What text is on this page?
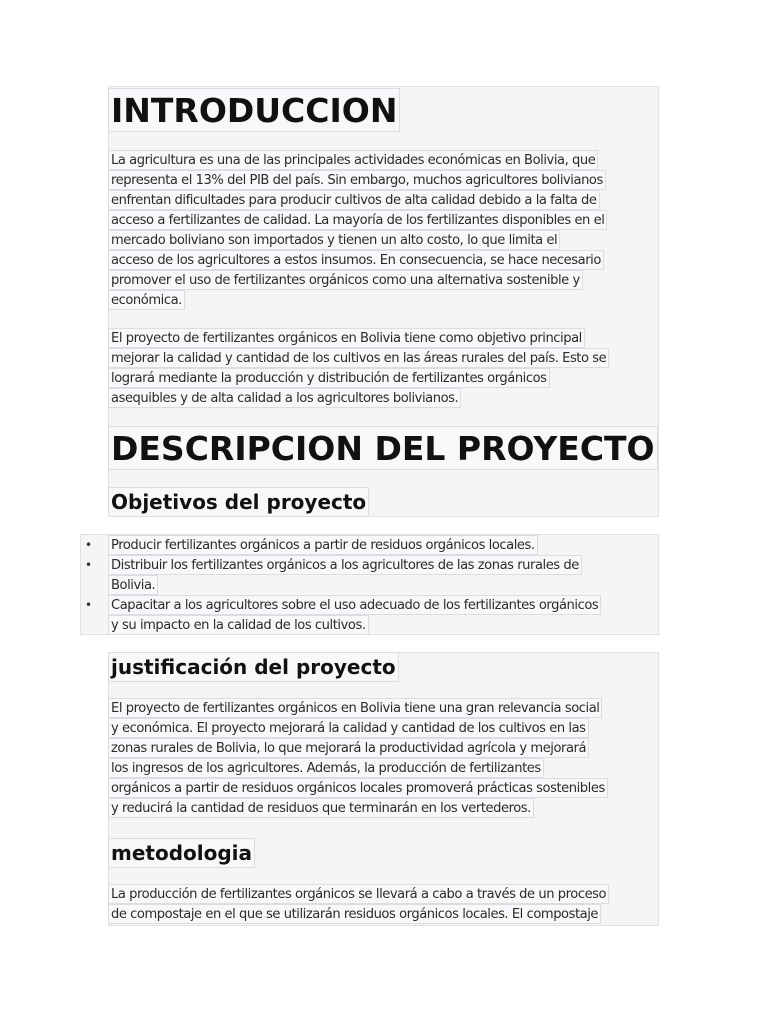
INTRODUCCION
La agricultura es una de las principales actividades económicas en Bolivia, que
representa el 13% del PIB del país. Sin embargo, muchos agricultores bolivianos
enfrentan dificultades para producir cultivos de alta calidad debido a la falta de
acceso a fertilizantes de calidad. La mayoría de los fertilizantes disponibles en el
mercado boliviano son importados y tienen un alto costo, lo que limita el
acceso de los agricultores a estos insumos. En consecuencia, se hace necesario
promover el uso de fertilizantes orgánicos como una alternativa sostenible y
económica.
El proyecto de fertilizantes orgánicos en Bolivia tiene como objetivo principal
mejorar la calidad y cantidad de los cultivos en las áreas rurales del país. Esto se
logrará mediante la producción y distribución de fertilizantes orgánicos
asequibles y de alta calidad a los agricultores bolivianos.
DESCRIPCION DEL PROYECTO
Objetivos del proyecto
• Producir fertilizantes orgánicos a partir de residuos orgánicos locales.
• Distribuir los fertilizantes orgánicos a los agricultores de las zonas rurales de
Bolivia.
• Capacitar a los agricultores sobre el uso adecuado de los fertilizantes orgánicos
y su impacto en la calidad de los cultivos.
justificación del proyecto
El proyecto de fertilizantes orgánicos en Bolivia tiene una gran relevancia social
y económica. El proyecto mejorará la calidad y cantidad de los cultivos en las
zonas rurales de Bolivia, lo que mejorará la productividad agrícola y mejorará
los ingresos de los agricultores. Además, la producción de fertilizantes
orgánicos a partir de residuos orgánicos locales promoverá prácticas sostenibles
y reducirá la cantidad de residuos que terminarán en los vertederos.
metodologia
La producción de fertilizantes orgánicos se llevará a cabo a través de un proceso
de compostaje en el que se utilizarán residuos orgánicos locales. El compostaje
